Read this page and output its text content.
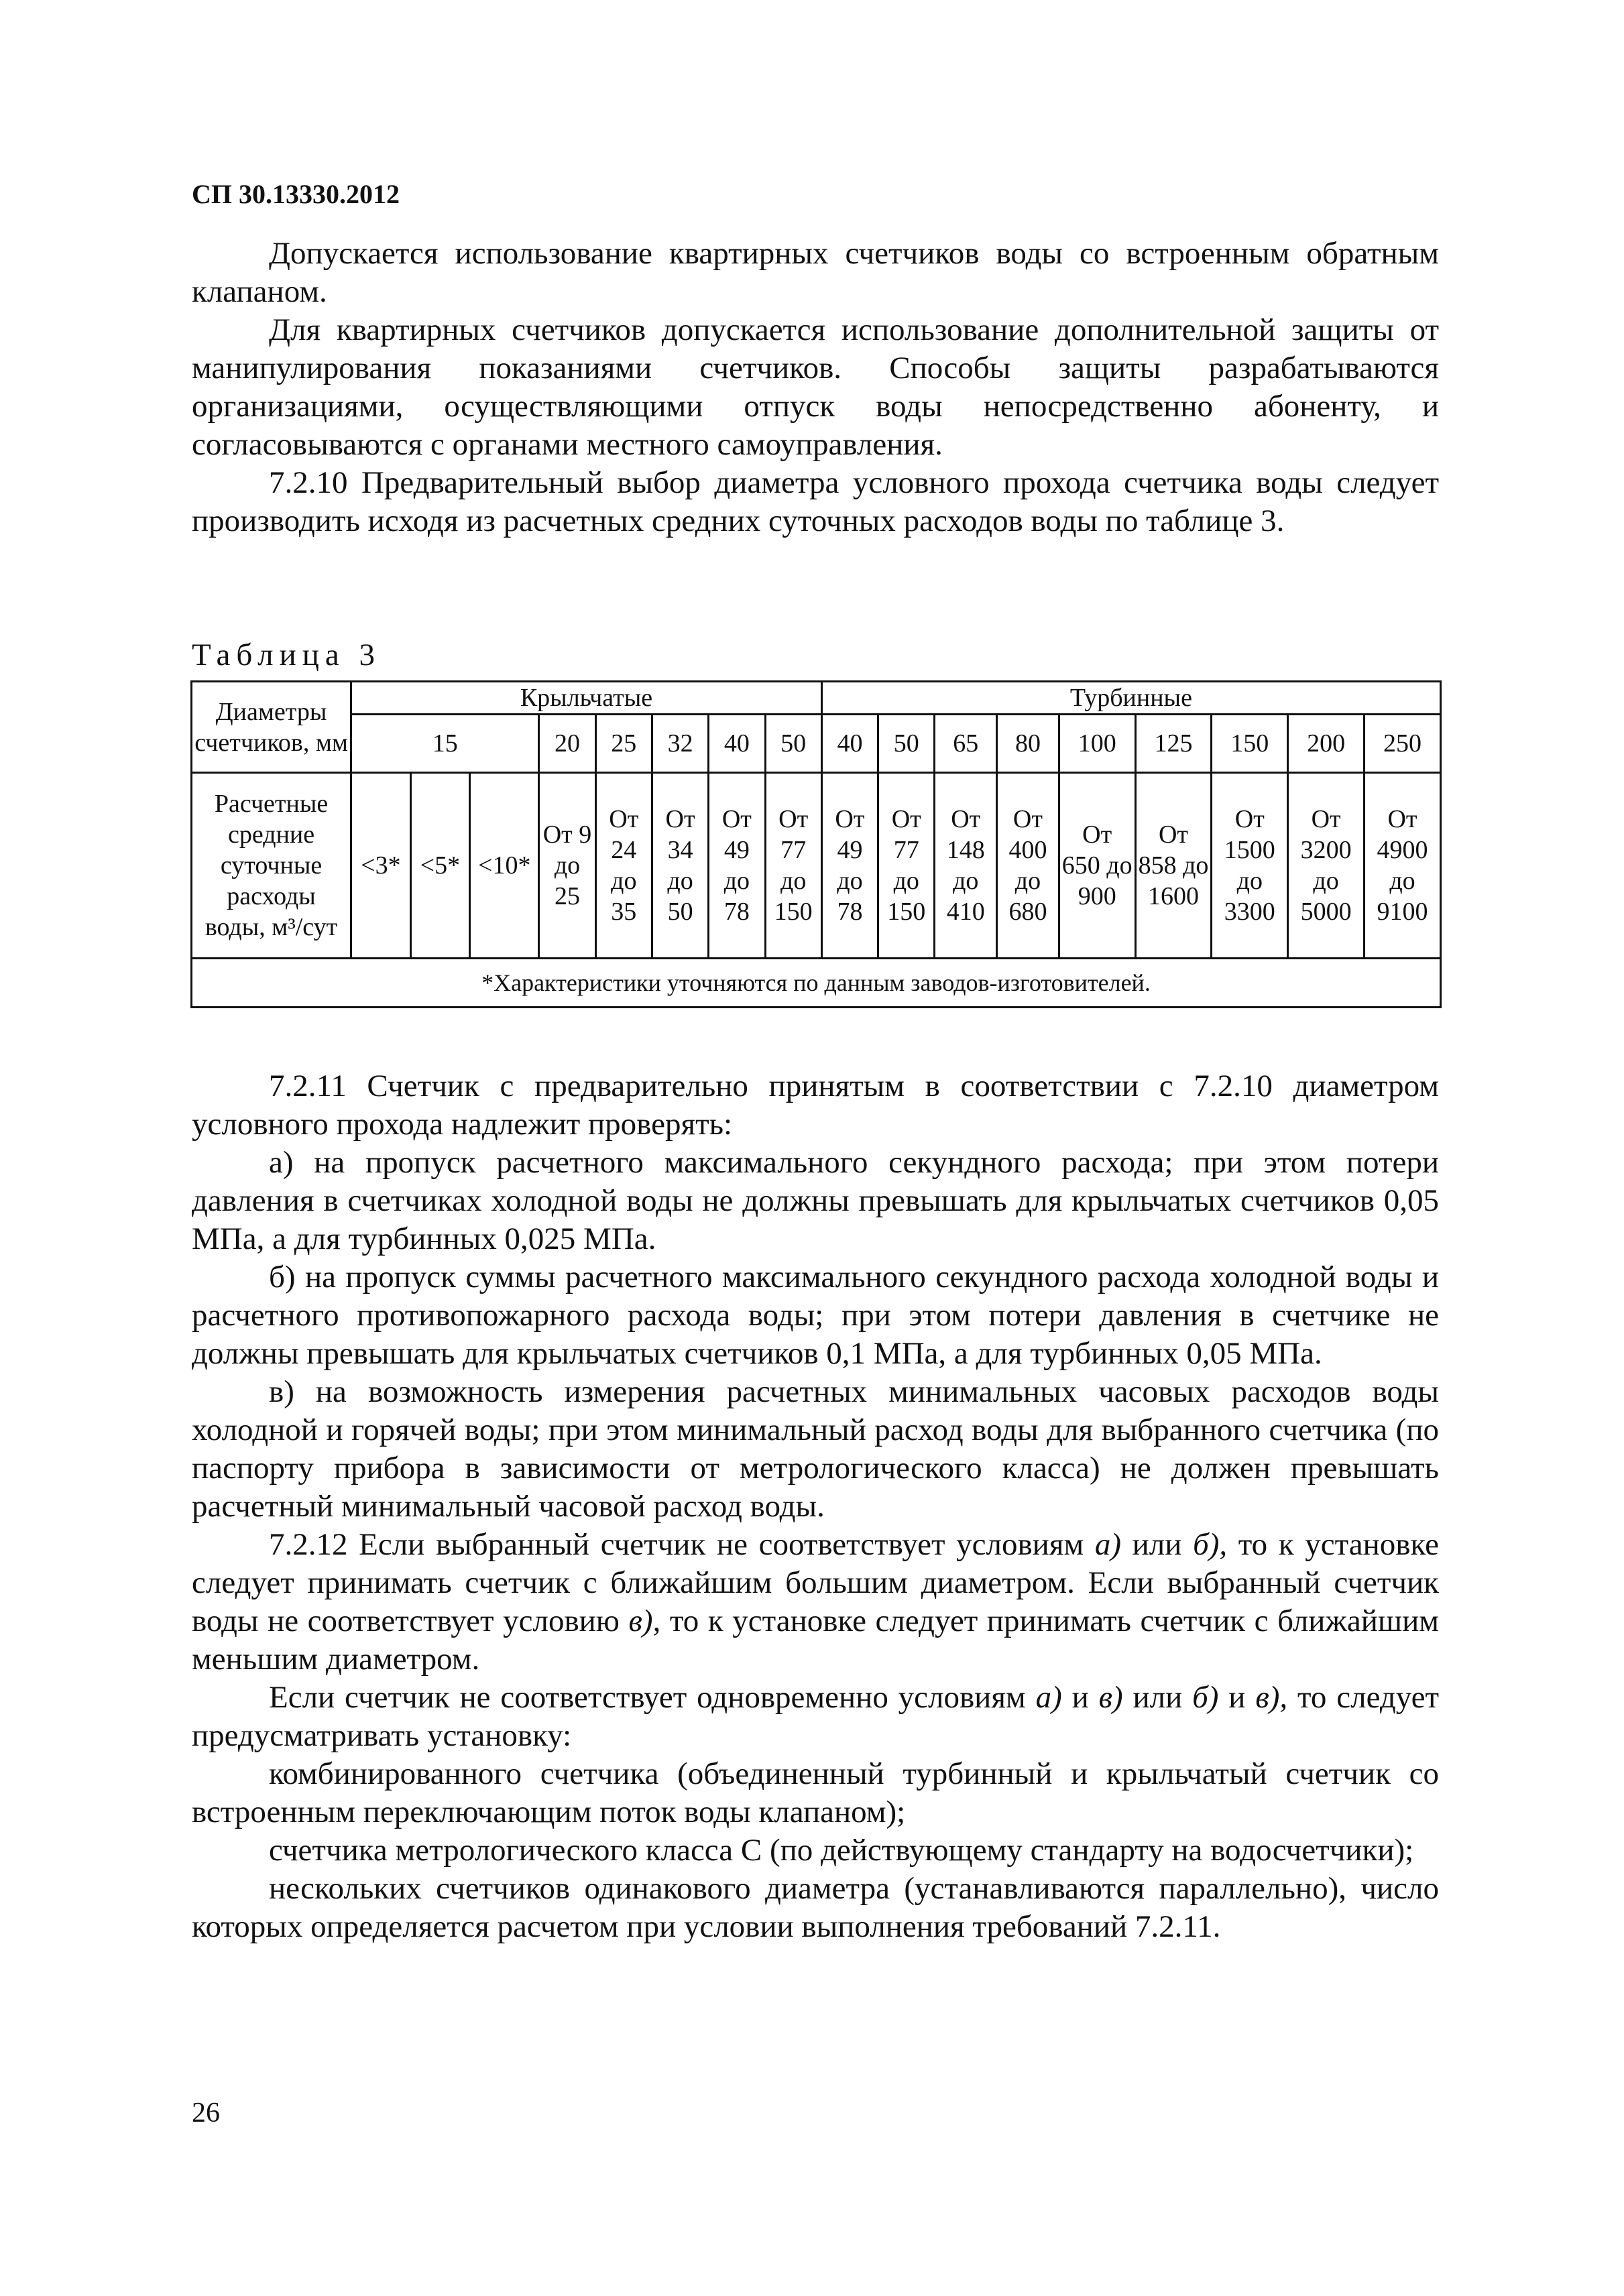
СП 30.13330.2012

Допускается использование квартирных счетчиков воды со встроенным обратным клапаном.

Для квартирных счетчиков допускается использование дополнительной защиты от манипулирования показаниями счетчиков. Способы защиты разрабатываются организациями, осуществляющими отпуск воды непосредственно абоненту, и согласовываются с органами местного самоуправления.

7.2.10 Предварительный выбор диаметра условного прохода счетчика воды следует производить исходя из расчетных средних суточных расходов воды по таблице 3.

Таблица 3
Диаметры счетчиков, мм	Крыльчатые								Турбинные								
	15			20	25	32	40	50	40	50	65	80	100	125	150	200	250
Расчетные средние суточные расходы воды, м³/сут	<3*	<5*	<10*	От 9 до 25	От 24 до 35	От 34 до 50	От 49 до 78	От 77 до 150	От 49 до 78	От 77 до 150	От 148 до 410	От 400 до 680	От 650 до 900	От 858 до 1600	От 1500 до 3300	От 3200 до 5000	От 4900 до 9100
*Характеристики уточняются по данным заводов-изготовителей.																	

7.2.11 Счетчик с предварительно принятым в соответствии с 7.2.10 диаметром условного прохода надлежит проверять:

а) на пропуск расчетного максимального секундного расхода; при этом потери давления в счетчиках холодной воды не должны превышать для крыльчатых счетчиков 0,05 МПа, а для турбинных 0,025 МПа.

б) на пропуск суммы расчетного максимального секундного расхода холодной воды и расчетного противопожарного расхода воды; при этом потери давления в счетчике не должны превышать для крыльчатых счетчиков 0,1 МПа, а для турбинных 0,05 МПа.

в) на возможность измерения расчетных минимальных часовых расходов воды холодной и горячей воды; при этом минимальный расход воды для выбранного счетчика (по паспорту прибора в зависимости от метрологического класса) не должен превышать расчетный минимальный часовой расход воды.

7.2.12 Если выбранный счетчик не соответствует условиям а) или б), то к установке следует принимать счетчик с ближайшим большим диаметром. Если выбранный счетчик воды не соответствует условию в), то к установке следует принимать счетчик с ближайшим меньшим диаметром.

Если счетчик не соответствует одновременно условиям а) и в) или б) и в), то следует предусматривать установку:

комбинированного счетчика (объединенный турбинный и крыльчатый счетчик со встроенным переключающим поток воды клапаном);

счетчика метрологического класса С (по действующему стандарту на водосчетчики);

нескольких счетчиков одинакового диаметра (устанавливаются параллельно), число которых определяется расчетом при условии выполнения требований 7.2.11.

26
